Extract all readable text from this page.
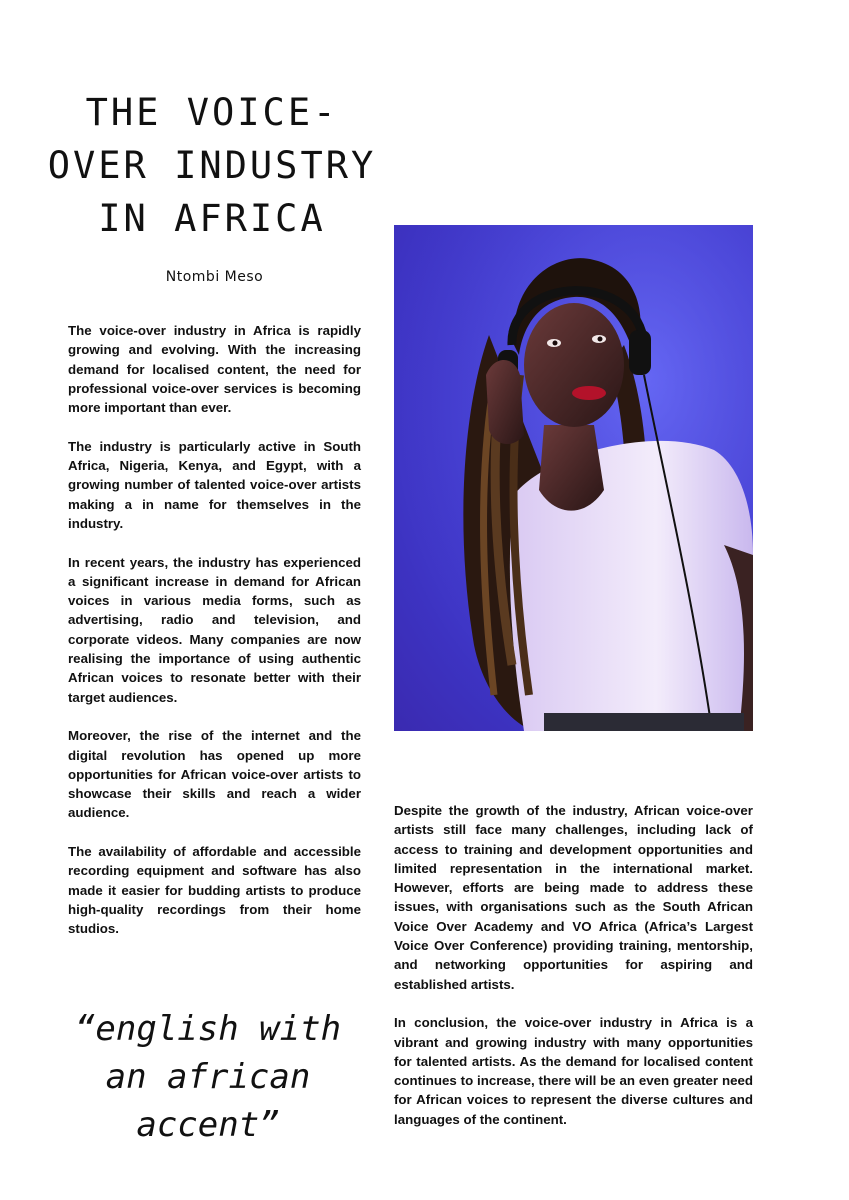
THE VOICE-
OVER INDUSTRY
IN AFRICA
Ntombi Meso

The voice-over industry in Africa is rapidly growing and evolving. With the increasing demand for localised content, the need for professional voice-over services is becoming more important than ever.

The industry is particularly active in South Africa, Nigeria, Kenya, and Egypt, with a growing number of talented voice-over artists making a in name for themselves in the industry.

In recent years, the industry has experienced a significant increase in demand for African voices in various media forms, such as advertising, radio and television, and corporate videos. Many companies are now realising the importance of using authentic African voices to resonate better with their target audiences.

Moreover, the rise of the internet and the digital revolution has opened up more opportunities for African voice-over artists to showcase their skills and reach a wider audience.

The availability of affordable and accessible recording equipment and software has also made it easier for budding artists to produce high-quality recordings from their home studios.

Despite the growth of the industry, African voice-over artists still face many challenges, including lack of access to training and development opportunities and limited representation in the international market. However, efforts are being made to address these issues, with organisations such as the South African Voice Over Academy and VO Africa (Africa’s Largest Voice Over Conference) providing training, mentorship, and networking opportunities for aspiring and established artists.

In conclusion, the voice-over industry in Africa is a vibrant and growing industry with many opportunities for talented artists. As the demand for localised content continues to increase, there will be an even greater need for African voices to represent the diverse cultures and languages of the continent.

“english with
an african
accent”
